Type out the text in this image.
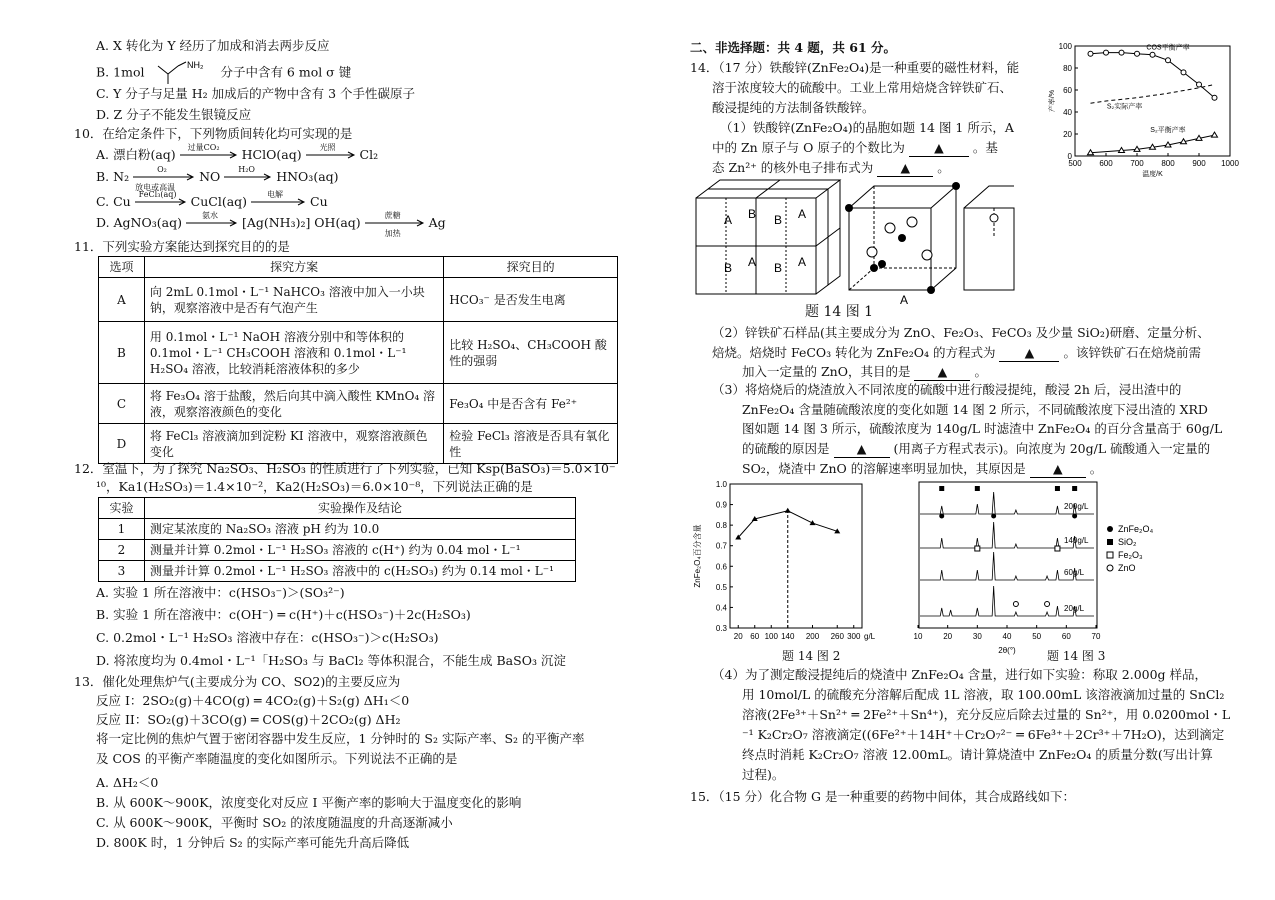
A. X 转化为 Y 经历了加成和消去两步反应
B. 1mol	NH₂ 分子中含有 6 mol σ 键
C. Y 分子与足量 H₂ 加成后的产物中含有 3 个手性碳原子
D. Z 分子不能发生银镜反应
10．在给定条件下，下列物质间转化均可实现的是
A. 漂白粉(aq) 过量CO₂ HClO(aq) 光照 Cl₂
B. N₂	O₂
放电或高温
NO H₂O HNO₃(aq)
C. Cu FeCl₃(aq) CuCl(aq) 电解 Cu
D. AgNO₃(aq) 氨水 [Ag(NH₃)₂] OH(aq)	蔗糖
加热
Ag
11．下列实验方案能达到探究目的的是
选项	探究方案	探究目的
A	向 2mL 0.1mol・L⁻¹ NaHCO₃ 溶液中加入一小块钠，观察溶液中是否有气泡产生	HCO₃⁻ 是否发生电离
B	用 0.1mol・L⁻¹ NaOH 溶液分别中和等体积的 0.1mol・L⁻¹ CH₃COOH 溶液和 0.1mol・L⁻¹ H₂SO₄ 溶液，比较消耗溶液体积的多少	比较 H₂SO₄、CH₃COOH 酸性的强弱
C	将 Fe₃O₄ 溶于盐酸，然后向其中滴入酸性 KMnO₄ 溶液，观察溶液颜色的变化	Fe₃O₄ 中是否含有 Fe²⁺
D	将 FeCl₃ 溶液滴加到淀粉 KI 溶液中，观察溶液颜色变化	检验 FeCl₃ 溶液是否具有氧化性
12．室温下，为了探究 Na₂SO₃、H₂SO₃ 的性质进行了下列实验，已知 Ksp(BaSO₃)＝5.0×10⁻
¹⁰，Ka1(H₂SO₃)＝1.4×10⁻²，Ka2(H₂SO₃)＝6.0×10⁻⁸，下列说法正确的是
实验	实验操作及结论
1	测定某浓度的 Na₂SO₃ 溶液 pH 约为 10.0
2	测量并计算 0.2mol・L⁻¹ H₂SO₃ 溶液的 c(H⁺) 约为 0.04 mol・L⁻¹
3	测量并计算 0.2mol・L⁻¹ H₂SO₃ 溶液中的 c(H₂SO₃) 约为 0.14 mol・L⁻¹
A. 实验 1 所在溶液中：c(HSO₃⁻)＞(SO₃²⁻)
B. 实验 1 所在溶液中：c(OH⁻) ═ c(H⁺)＋c(HSO₃⁻)＋2c(H₂SO₃)
C. 0.2mol・L⁻¹ H₂SO₃ 溶液中存在：c(HSO₃⁻)＞c(H₂SO₃)
D. 将浓度均为 0.4mol・L⁻¹「H₂SO₃ 与 BaCl₂ 等体积混合，不能生成 BaSO₃ 沉淀
13．催化处理焦炉气(主要成分为 CO、SO2)的主要反应为
反应 I：2SO₂(g)＋4CO(g) ═ 4CO₂(g)＋S₂(g) ΔH₁＜0
反应 II：SO₂(g)＋3CO(g) ═ COS(g)＋2CO₂(g) ΔH₂
将一定比例的焦炉气置于密闭容器中发生反应，1 分钟时的 S₂ 实际产率、S₂ 的平衡产率
及 COS 的平衡产率随温度的变化如图所示。下列说法不正确的是
A. ΔH₂＜0
B. 从 600K～900K，浓度变化对反应 I 平衡产率的影响大于温度变化的影响
C. 从 600K～900K，平衡时 SO₂ 的浓度随温度的升高逐渐减小
D. 800K 时，1 分钟后 S₂ 的实际产率可能先升高后降低
二、非选择题：共 4 题，共 61 分。
14．（17 分）铁酸锌(ZnFe₂O₄)是一种重要的磁性材料，能
溶于浓度较大的硫酸中。工业上常用焙烧含锌铁矿石、
酸浸提纯的方法制备铁酸锌。
（1）铁酸锌(ZnFe₂O₄)的晶胞如题 14 图 1 所示，A
中的 Zn 原子与 O 原子的个数比为 ▲ 。基
态 Zn²⁺ 的核外电子排布式为 ▲ 。
A B B A
B A B A
A
题 14 图 1
500 600 700 800 900 1000
0
20
40
60
80
100
温度/K
产率/%
COS平衡产率
S₂实际产率
S₂平衡产率
（2）锌铁矿石样品(其主要成分为 ZnO、Fe₂O₃、FeCO₃ 及少量 SiO₂)研磨、定量分析、
焙烧。焙烧时 FeCO₃ 转化为 ZnFe₂O₄ 的方程式为 ▲ 。该锌铁矿石在焙烧前需
加入一定量的 ZnO，其目的是 ▲ 。
（3）将焙烧后的烧渣放入不同浓度的硫酸中进行酸浸提纯，酸浸 2h 后，浸出渣中的
ZnFe₂O₄ 含量随硫酸浓度的变化如题 14 图 2 所示，不同硫酸浓度下浸出渣的 XRD
图如题 14 图 3 所示，硫酸浓度为 140g/L 时滤渣中 ZnFe₂O₄ 的百分含量高于 60g/L
的硫酸的原因是 ▲ (用离子方程式表示)。向浓度为 20g/L 硫酸通入一定量的
SO₂，烧渣中 ZnO 的溶解速率明显加快，其原因是 ▲ 。
20 60 100 140 200 260 300
0.3
0.4
0.5
0.6
0.7
0.8
0.9
1.0
g/L
ZnFe₂O₄百分含量
题 14 图 2
10	20	30	40	50	60	70
2θ(°)
200g/L
140g/L
60g/L
20g/L
ZnFe₂O₄
SiO₂
Fe₂O₃
ZnO
题 14 图 3
（4）为了测定酸浸提纯后的烧渣中 ZnFe₂O₄ 含量，进行如下实验：称取 2.000g 样品，
用 10mol/L 的硫酸充分溶解后配成 1L 溶液，取 100.00mL 该溶液滴加过量的 SnCl₂
溶液(2Fe³⁺＋Sn²⁺ ═ 2Fe²⁺＋Sn⁴⁺)，充分反应后除去过量的 Sn²⁺，用 0.0200mol・L
⁻¹ K₂Cr₂O₇ 溶液滴定((6Fe²⁺＋14H⁺＋Cr₂O₇²⁻ ═ 6Fe³⁺＋2Cr³⁺＋7H₂O)，达到滴定
终点时消耗 K₂Cr₂O₇ 溶液 12.00mL。请计算烧渣中 ZnFe₂O₄ 的质量分数(写出计算
过程)。
15．（15 分）化合物 G 是一种重要的药物中间体，其合成路线如下：
